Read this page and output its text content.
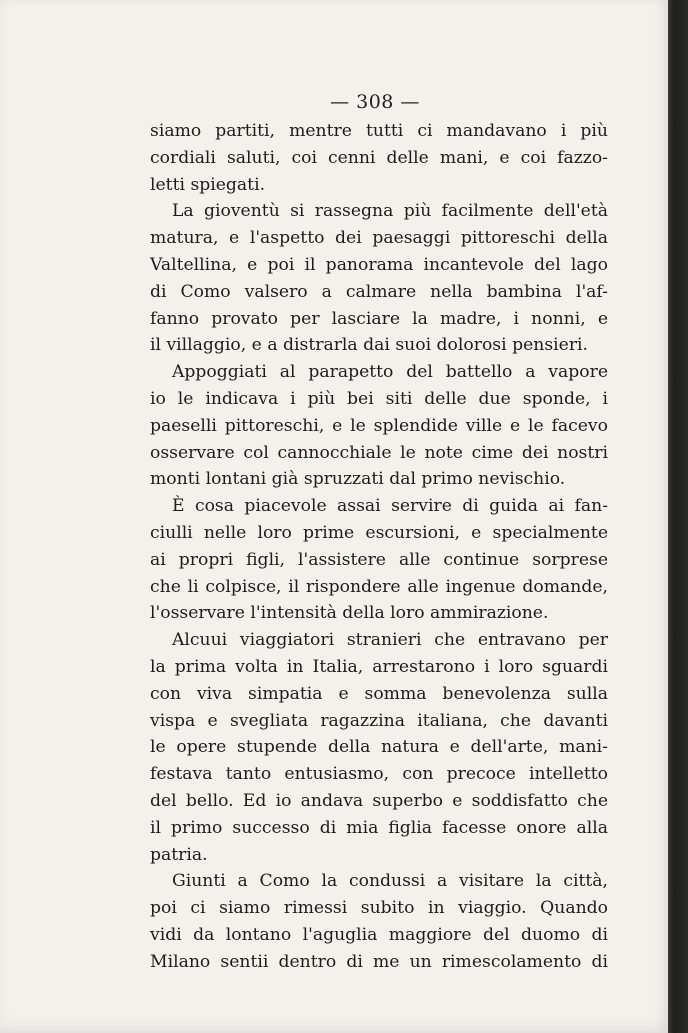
— 308 —
siamo partiti, mentre tutti ci mandavano i più
cordiali saluti, coi cenni delle mani, e coi fazzo-
letti spiegati.
La gioventù si rassegna più facilmente dell'età
matura, e l'aspetto dei paesaggi pittoreschi della
Valtellina, e poi il panorama incantevole del lago
di Como valsero a calmare nella bambina l'af-
fanno provato per lasciare la madre, i nonni, e
il villaggio, e a distrarla dai suoi dolorosi pensieri.
Appoggiati al parapetto del battello a vapore
io le indicava i più bei siti delle due sponde, i
paeselli pittoreschi, e le splendide ville e le facevo
osservare col cannocchiale le note cime dei nostri
monti lontani già spruzzati dal primo nevischio.
È cosa piacevole assai servire di guida ai fan-
ciulli nelle loro prime escursioni, e specialmente
ai propri figli, l'assistere alle continue sorprese
che li colpisce, il rispondere alle ingenue domande,
l'osservare l'intensità della loro ammirazione.
Alcuui viaggiatori stranieri che entravano per
la prima volta in Italia, arrestarono i loro sguardi
con viva simpatia e somma benevolenza sulla
vispa e svegliata ragazzina italiana, che davanti
le opere stupende della natura e dell'arte, mani-
festava tanto entusiasmo, con precoce intelletto
del bello. Ed io andava superbo e soddisfatto che
il primo successo di mia figlia facesse onore alla
patria.
Giunti a Como la condussi a visitare la città,
poi ci siamo rimessi subito in viaggio. Quando
vidi da lontano l'aguglia maggiore del duomo di
Milano sentii dentro di me un rimescolamento di
